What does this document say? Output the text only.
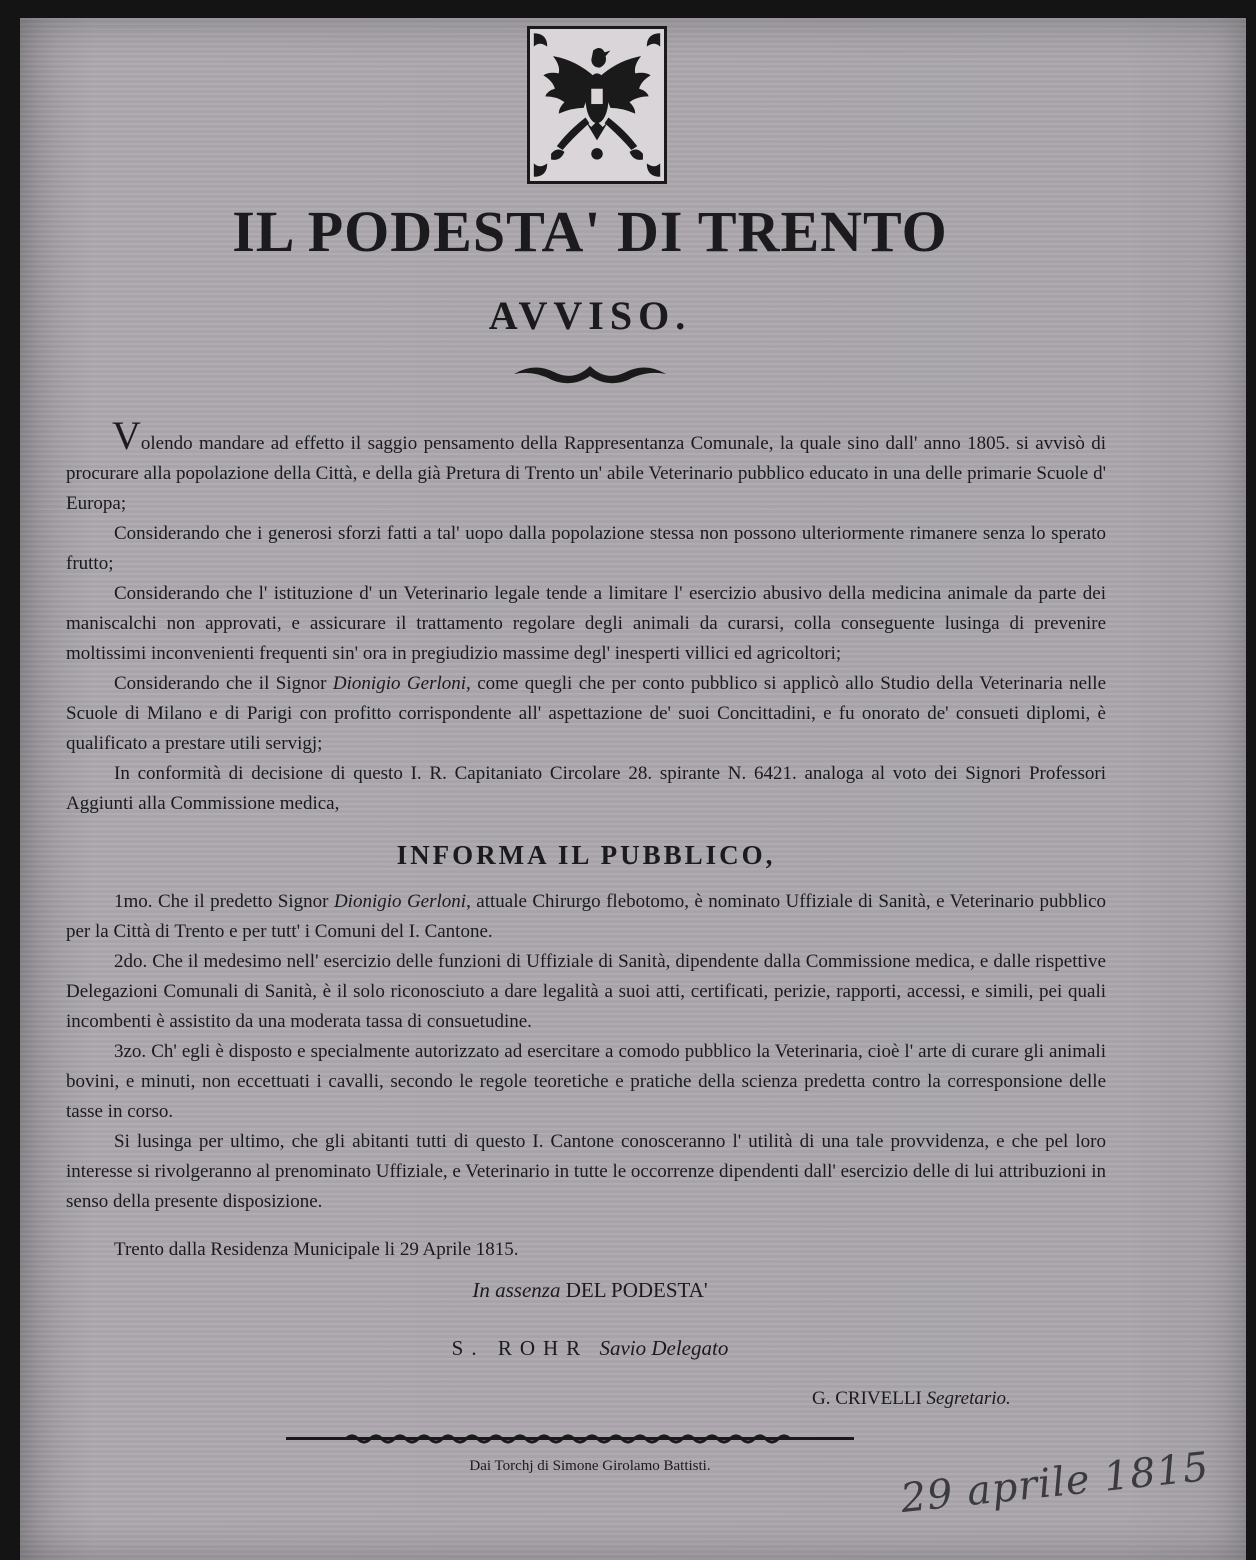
IL PODESTA' DI TRENTO
AVVISO.

Volendo mandare ad effetto il saggio pensamento della Rappresentanza Comunale, la quale sino dall' anno 1805. si avvisò di procurare alla popolazione della Città, e della già Pretura di Trento un' abile Veterinario pubblico educato in una delle primarie Scuole d' Europa;

Considerando che i generosi sforzi fatti a tal' uopo dalla popolazione stessa non possono ulteriormente rimanere senza lo sperato frutto;

Considerando che l' istituzione d' un Veterinario legale tende a limitare l' esercizio abusivo della medicina animale da parte dei maniscalchi non approvati, e assicurare il trattamento regolare degli animali da curarsi, colla conseguente lusinga di prevenire moltissimi inconvenienti frequenti sin' ora in pregiudizio massime degl' inesperti villici ed agricoltori;

Considerando che il Signor Dionigio Gerloni, come quegli che per conto pubblico si applicò allo Studio della Veterinaria nelle Scuole di Milano e di Parigi con profitto corrispondente all' aspettazione de' suoi Concittadini, e fu onorato de' consueti diplomi, è qualificato a prestare utili servigj;

In conformità di decisione di questo I. R. Capitaniato Circolare 28. spirante N. 6421. analoga al voto dei Signori Professori Aggiunti alla Commissione medica,

INFORMA IL PUBBLICO,

1mo. Che il predetto Signor Dionigio Gerloni, attuale Chirurgo flebotomo, è nominato Uffiziale di Sanità, e Veterinario pubblico per la Città di Trento e per tutt' i Comuni del I. Cantone.

2do. Che il medesimo nell' esercizio delle funzioni di Uffiziale di Sanità, dipendente dalla Commissione medica, e dalle rispettive Delegazioni Comunali di Sanità, è il solo riconosciuto a dare legalità a suoi atti, certificati, perizie, rapporti, accessi, e simili, pei quali incombenti è assistito da una moderata tassa di consuetudine.

3zo. Ch' egli è disposto e specialmente autorizzato ad esercitare a comodo pubblico la Veterinaria, cioè l' arte di curare gli animali bovini, e minuti, non eccettuati i cavalli, secondo le regole teoretiche e pratiche della scienza predetta contro la corresponsione delle tasse in corso.

Si lusinga per ultimo, che gli abitanti tutti di questo I. Cantone conosceranno l' utilità di una tale provvidenza, e che pel loro interesse si rivolgeranno al prenominato Uffiziale, e Veterinario in tutte le occorrenze dipendenti dall' esercizio delle di lui attribuzioni in senso della presente disposizione.

Trento dalla Residenza Municipale li 29 Aprile 1815.

In assenza DEL PODESTA'
S. ROHR Savio Delegato
G. CRIVELLI Segretario.
Dai Torchj di Simone Girolamo Battisti.	29 aprile 1815
